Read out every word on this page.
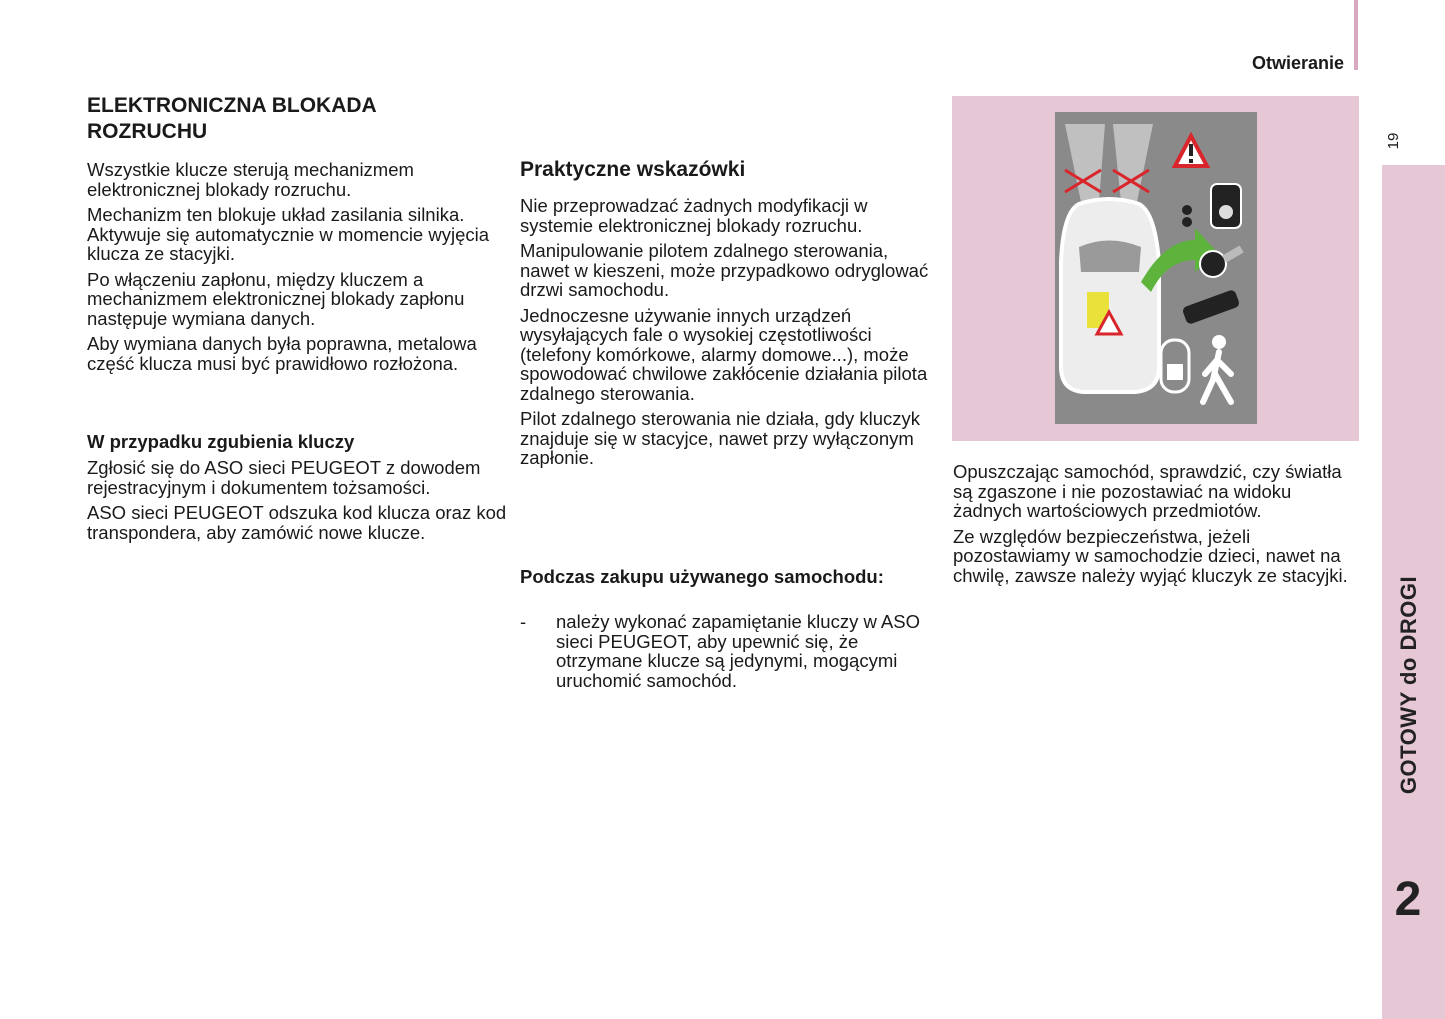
Otwieranie
19
GOTOWY do DROGI
2
ELEKTRONICZNA BLOKADA ROZRUCHU

Wszystkie klucze sterują mechanizmem elektronicznej blokady rozruchu.

Mechanizm ten blokuje układ zasilania silnika. Aktywuje się automatycznie w momencie wyjęcia klucza ze stacyjki.

Po włączeniu zapłonu, między kluczem a mechanizmem elektronicznej blokady zapłonu następuje wymiana danych.

Aby wymiana danych była poprawna, metalowa część klucza musi być prawidłowo rozłożona.

W przypadku zgubienia kluczy

Zgłosić się do ASO sieci PEUGEOT z dowodem rejestracyjnym i dokumentem tożsamości.

ASO sieci PEUGEOT odszuka kod klucza oraz kod transpondera, aby zamówić nowe klucze.

Praktyczne wskazówki

Nie przeprowadzać żadnych modyfikacji w systemie elektronicznej blokady rozruchu.

Manipulowanie pilotem zdalnego sterowania, nawet w kieszeni, może przypadkowo odryglować drzwi samochodu.

Jednoczesne używanie innych urządzeń wysyłających fale o wysokiej częstotliwości (telefony komórkowe, alarmy domowe...), może spowodować chwilowe zakłócenie działania pilota zdalnego sterowania.

Pilot zdalnego sterowania nie działa, gdy kluczyk znajduje się w stacyjce, nawet przy wyłączonym zapłonie.

Podczas zakupu używanego samochodu:
- należy wykonać zapamiętanie kluczy w ASO sieci PEUGEOT, aby upewnić się, że otrzymane klucze są jedynymi, mogącymi uruchomić samochód.

Opuszczając samochód, sprawdzić, czy światła są zgaszone i nie pozostawiać na widoku żadnych wartościowych przedmiotów.

Ze względów bezpieczeństwa, jeżeli pozostawiamy w samochodzie dzieci, nawet na chwilę, zawsze należy wyjąć kluczyk ze stacyjki.
